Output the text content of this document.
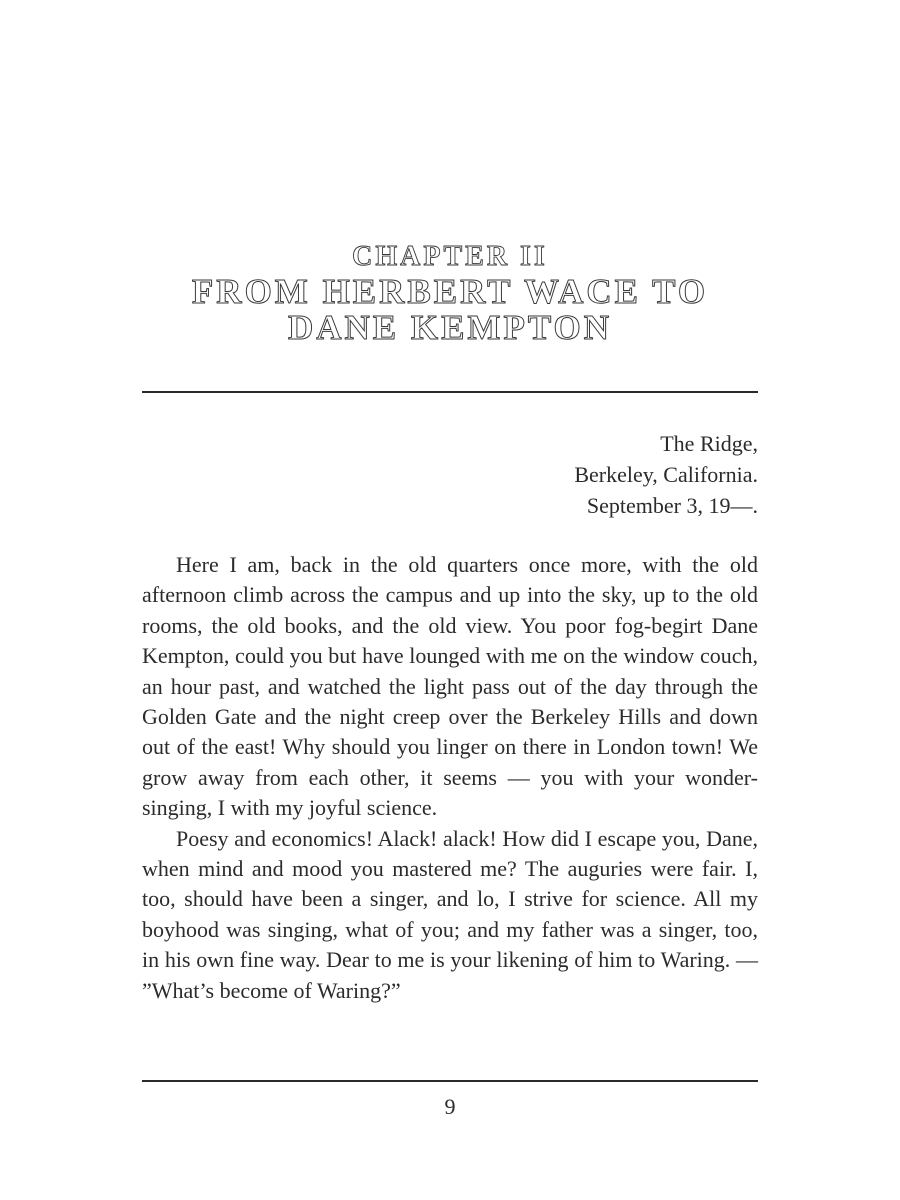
CHAPTER II
FROM HERBERT WACE TO
DANE KEMPTON
The Ridge,
Berkeley, California.
September 3, 19—.

Here I am, back in the old quarters once more, with the old afternoon climb across the campus and up into the sky, up to the old rooms, the old books, and the old view. You poor fog-begirt Dane Kempton, could you but have lounged with me on the window couch, an hour past, and watched the light pass out of the day through the Golden Gate and the night creep over the Berkeley Hills and down out of the east! Why should you linger on there in London town! We grow away from each other, it seems — you with your wonder-singing, I with my joyful science.

Poesy and economics! Alack! alack! How did I escape you, Dane, when mind and mood you mastered me? The auguries were fair. I, too, should have been a singer, and lo, I strive for science. All my boyhood was singing, what of you; and my father was a singer, too, in his own fine way. Dear to me is your likening of him to Waring. — ”What’s become of Waring?”

9
